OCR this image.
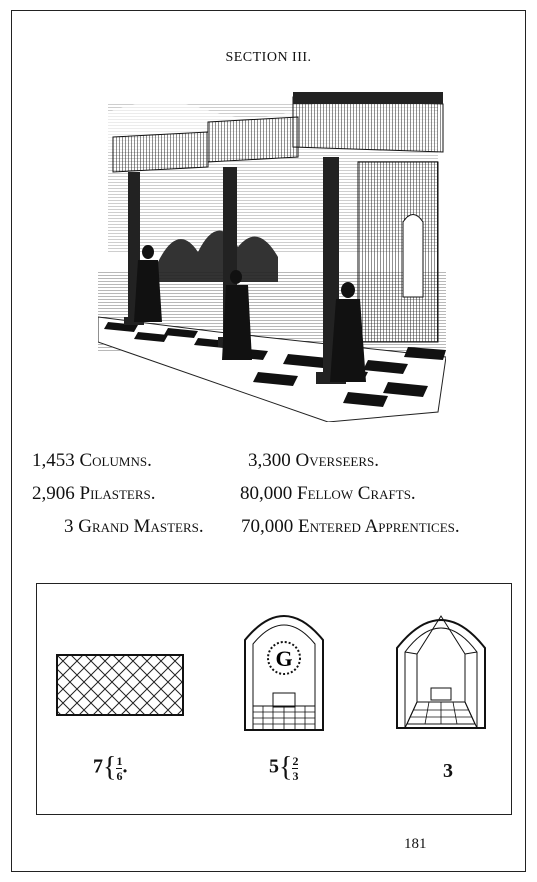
SECTION III.
1,453 Columns.	3,300 Overseers.
2,906 Pilasters.	80,000 Fellow Crafts.
3 Grand Masters. 70,000 Entered Apprentices.
G
$7\{ \frac{1}{6}$.	$5\{ \frac{2}{3}$	3
181
